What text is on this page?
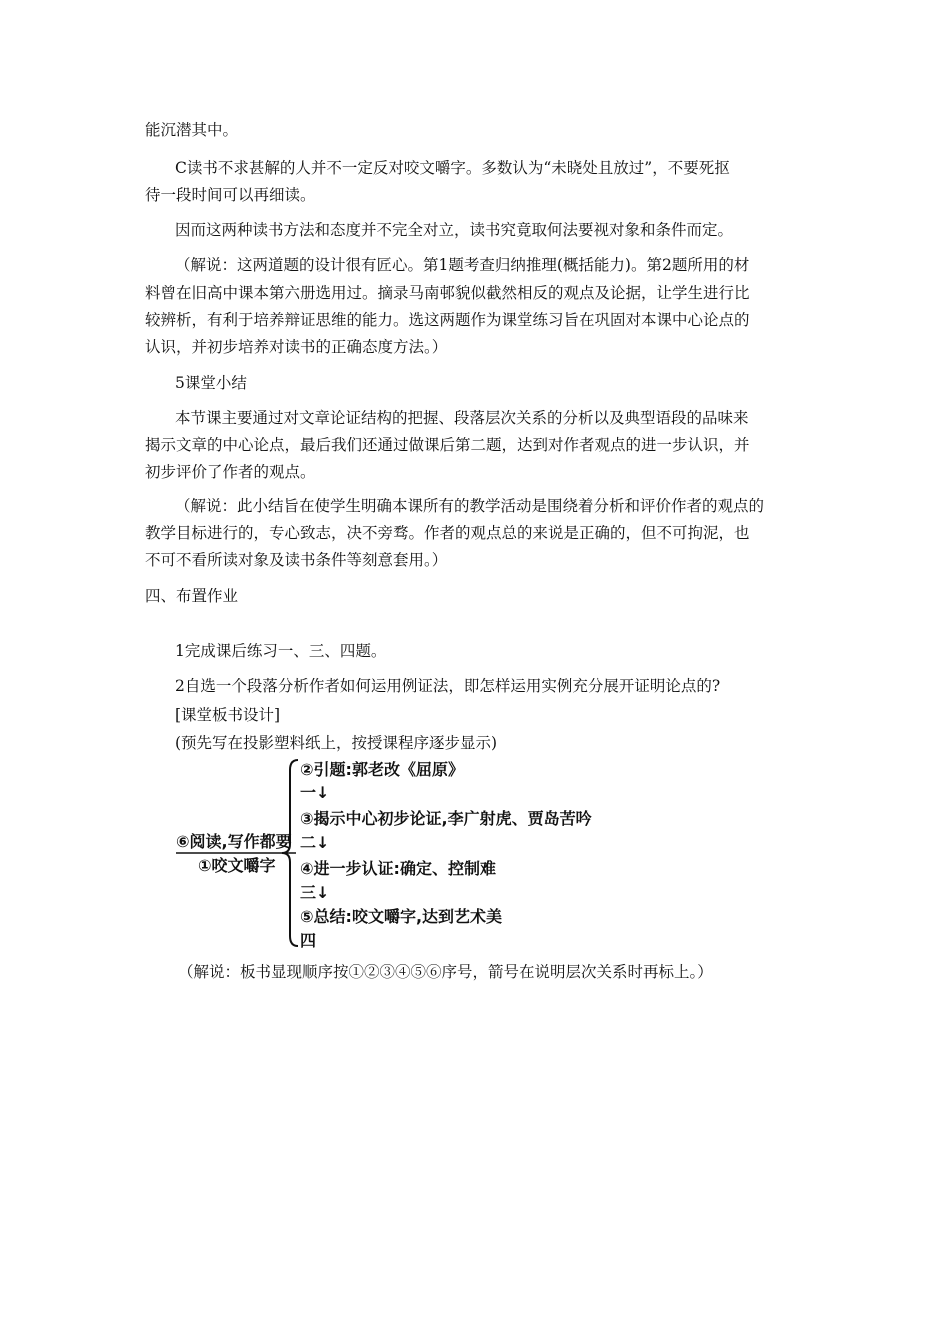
能沉潜其中。
C读书不求甚解的人并不一定反对咬文嚼字。多数认为“未晓处且放过”，不要死抠
待一段时间可以再细读。
因而这两种读书方法和态度并不完全对立，读书究竟取何法要视对象和条件而定。
（解说：这两道题的设计很有匠心。第1题考查归纳推理(概括能力)。第2题所用的材
料曾在旧高中课本第六册选用过。摘录马南邨貌似截然相反的观点及论据，让学生进行比
较辨析，有利于培养辩证思维的能力。选这两题作为课堂练习旨在巩固对本课中心论点的
认识，并初步培养对读书的正确态度方法。）
5课堂小结
本节课主要通过对文章论证结构的把握、段落层次关系的分析以及典型语段的品味来
揭示文章的中心论点，最后我们还通过做课后第二题，达到对作者观点的进一步认识，并
初步评价了作者的观点。
（解说：此小结旨在使学生明确本课所有的教学活动是围绕着分析和评价作者的观点的
教学目标进行的，专心致志，决不旁骛。作者的观点总的来说是正确的，但不可拘泥，也
不可不看所读对象及读书条件等刻意套用。）
四、布置作业
1完成课后练习一、三、四题。
2自选一个段落分析作者如何运用例证法，即怎样运用实例充分展开证明论点的?
[课堂板书设计]
(预先写在投影塑料纸上，按授课程序逐步显示)
⑥阅读,写作都要
①咬文嚼字
②引题:郭老改《屈原》
一↓
③揭示中心初步论证,李广射虎、贾岛苦吟
二↓
④进一步认证:确定、控制难
三↓
⑤总结:咬文嚼字,达到艺术美
四
（解说：板书显现顺序按①②③④⑤⑥序号，箭号在说明层次关系时再标上。）
